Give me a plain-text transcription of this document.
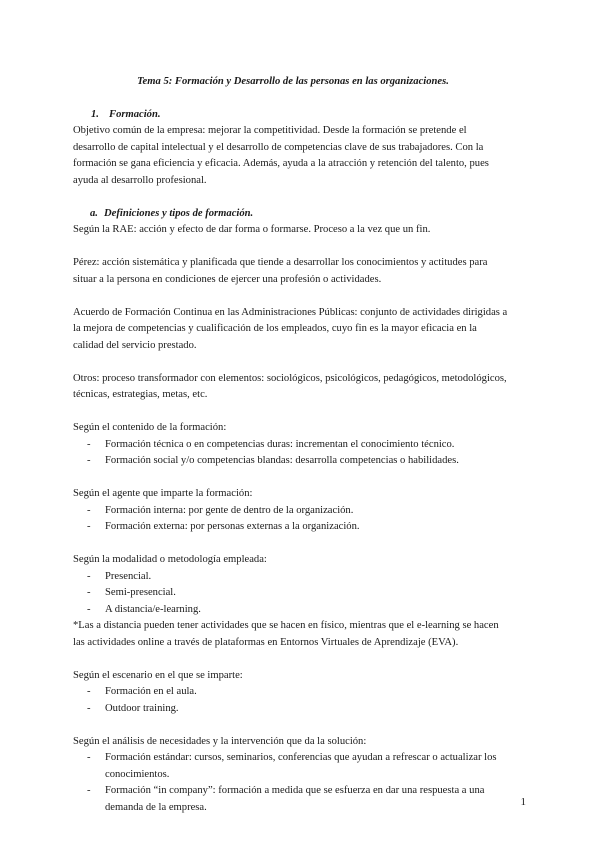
Tema 5: Formación y Desarrollo de las personas en las organizaciones.
1. Formación.

Objetivo común de la empresa: mejorar la competitividad. Desde la formación se pretende el
desarrollo de capital intelectual y el desarrollo de competencias clave de sus trabajadores. Con la
formación se gana eficiencia y eficacia. Además, ayuda a la atracción y retención del talento, pues
ayuda al desarrollo profesional.

a. Definiciones y tipos de formación.

Según la RAE: acción y efecto de dar forma o formarse. Proceso a la vez que un fin.

Pérez: acción sistemática y planificada que tiende a desarrollar los conocimientos y actitudes para
situar a la persona en condiciones de ejercer una profesión o actividades.

Acuerdo de Formación Continua en las Administraciones Públicas: conjunto de actividades dirigidas a
la mejora de competencias y cualificación de los empleados, cuyo fin es la mayor eficacia en la
calidad del servicio prestado.

Otros: proceso transformador con elementos: sociológicos, psicológicos, pedagógicos, metodológicos,
técnicas, estrategias, metas, etc.

Según el contenido de la formación:

- Formación técnica o en competencias duras: incrementan el conocimiento técnico.
- Formación social y/o competencias blandas: desarrolla competencias o habilidades.

Según el agente que imparte la formación:

- Formación interna: por gente de dentro de la organización.
- Formación externa: por personas externas a la organización.

Según la modalidad o metodología empleada:

- Presencial.
- Semi-presencial.
- A distancia/e-learning.

*Las a distancia pueden tener actividades que se hacen en físico, mientras que el e-learning se hacen
las actividades online a través de plataformas en Entornos Virtuales de Aprendizaje (EVA).

Según el escenario en el que se imparte:

- Formación en el aula.
- Outdoor training.

Según el análisis de necesidades y la intervención que da la solución:

- Formación estándar: cursos, seminarios, conferencias que ayudan a refrescar o actualizar los conocimientos.
- Formación “in company”: formación a medida que se esfuerza en dar una respuesta a una demanda de la empresa.	1
